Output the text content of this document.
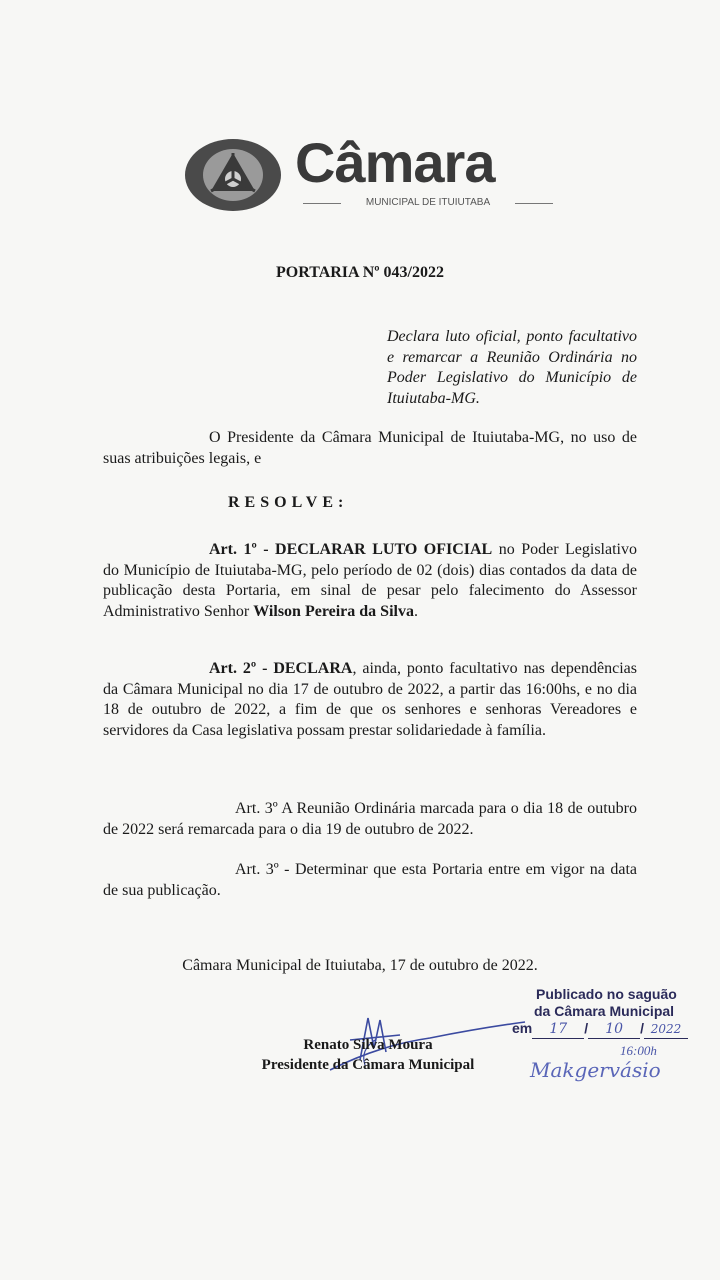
Câmara
MUNICIPAL DE ITUIUTABA
PORTARIA Nº 043/2022
Declara luto oficial, ponto facultativo e remarcar a Reunião Ordinária no Poder Legislativo do Município de Ituiutaba-MG.

O Presidente da Câmara Municipal de Ituiutaba-MG, no uso de suas atribuições legais, e

RESOLVE:

Art. 1º - DECLARAR LUTO OFICIAL no Poder Legislativo do Município de Ituiutaba-MG, pelo período de 02 (dois) dias contados da data de publicação desta Portaria, em sinal de pesar pelo falecimento do Assessor Administrativo Senhor Wilson Pereira da Silva.

Art. 2º - DECLARA, ainda, ponto facultativo nas dependências da Câmara Municipal no dia 17 de outubro de 2022, a partir das 16:00hs, e no dia 18 de outubro de 2022, a fim de que os senhores e senhoras Vereadores e servidores da Casa legislativa possam prestar solidariedade à família.

Art. 3º A Reunião Ordinária marcada para o dia 18 de outubro de 2022 será remarcada para o dia 19 de outubro de 2022.

Art. 3º - Determinar que esta Portaria entre em vigor na data de sua publicação.

Câmara Municipal de Ituiutaba, 17 de outubro de 2022.
Renato Silva Moura
Presidente da Câmara Municipal
Publicado no saguão
da Câmara Municipal
em 17 / 10 / 2022
16:00h
Makgervásio
